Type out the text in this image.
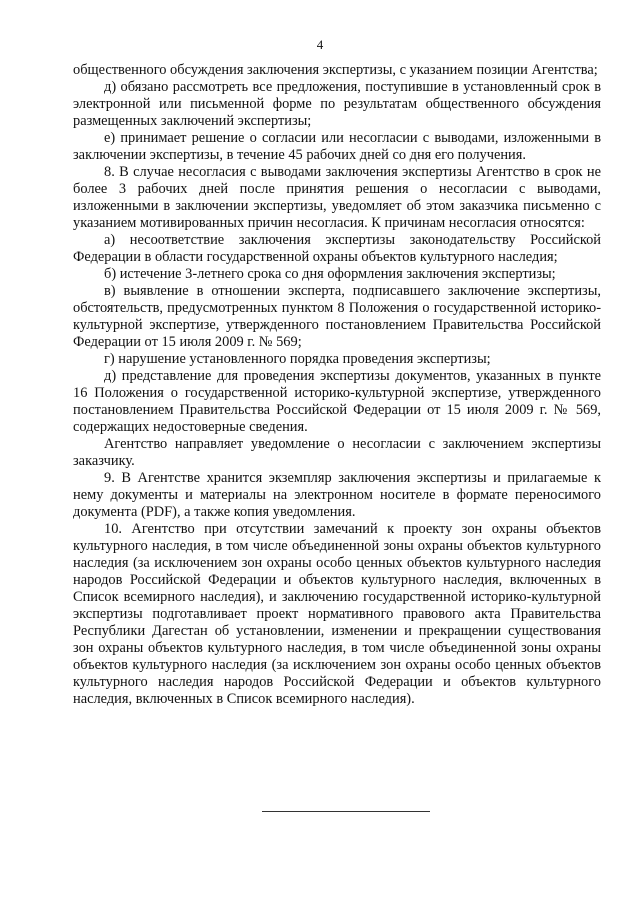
4

общественного обсуждения заключения экспертизы, с указанием позиции Агентства;

д) обязано рассмотреть все предложения, поступившие в установленный срок в электронной или письменной форме по результатам общественного обсуждения размещенных заключений экспертизы;

е) принимает решение о согласии или несогласии с выводами, изложенными в заключении экспертизы, в течение 45 рабочих дней со дня его получения.

8. В случае несогласия с выводами заключения экспертизы Агентство в срок не более 3 рабочих дней после принятия решения о несогласии с выводами, изложенными в заключении экспертизы, уведомляет об этом заказчика письменно с указанием мотивированных причин несогласия. К причинам несогласия относятся:

а) несоответствие заключения экспертизы законодательству Российской Федерации в области государственной охраны объектов культурного наследия;

б) истечение 3-летнего срока со дня оформления заключения экспертизы;

в) выявление в отношении эксперта, подписавшего заключение экспертизы, обстоятельств, предусмотренных пунктом 8 Положения о государственной историко-культурной экспертизе, утвержденного постановлением Правительства Российской Федерации от 15 июля 2009 г. № 569;

г) нарушение установленного порядка проведения экспертизы;

д) представление для проведения экспертизы документов, указанных в пункте 16 Положения о государственной историко-культурной экспертизе, утвержденного постановлением Правительства Российской Федерации от 15 июля 2009 г. № 569, содержащих недостоверные сведения.

Агентство направляет уведомление о несогласии с заключением экспертизы заказчику.

9. В Агентстве хранится экземпляр заключения экспертизы и прилагаемые к нему документы и материалы на электронном носителе в формате переносимого документа (PDF), а также копия уведомления.

10. Агентство при отсутствии замечаний к проекту зон охраны объектов культурного наследия, в том числе объединенной зоны охраны объектов культурного наследия (за исключением зон охраны особо ценных объектов культурного наследия народов Российской Федерации и объектов культурного наследия, включенных в Список всемирного наследия), и заключению государственной историко-культурной экспертизы подготавливает проект нормативного правового акта Правительства Республики Дагестан об установлении, изменении и прекращении существования зон охраны объектов культурного наследия, в том числе объединенной зоны охраны объектов культурного наследия (за исключением зон охраны особо ценных объектов культурного наследия народов Российской Федерации и объектов культурного наследия, включенных в Список всемирного наследия).
